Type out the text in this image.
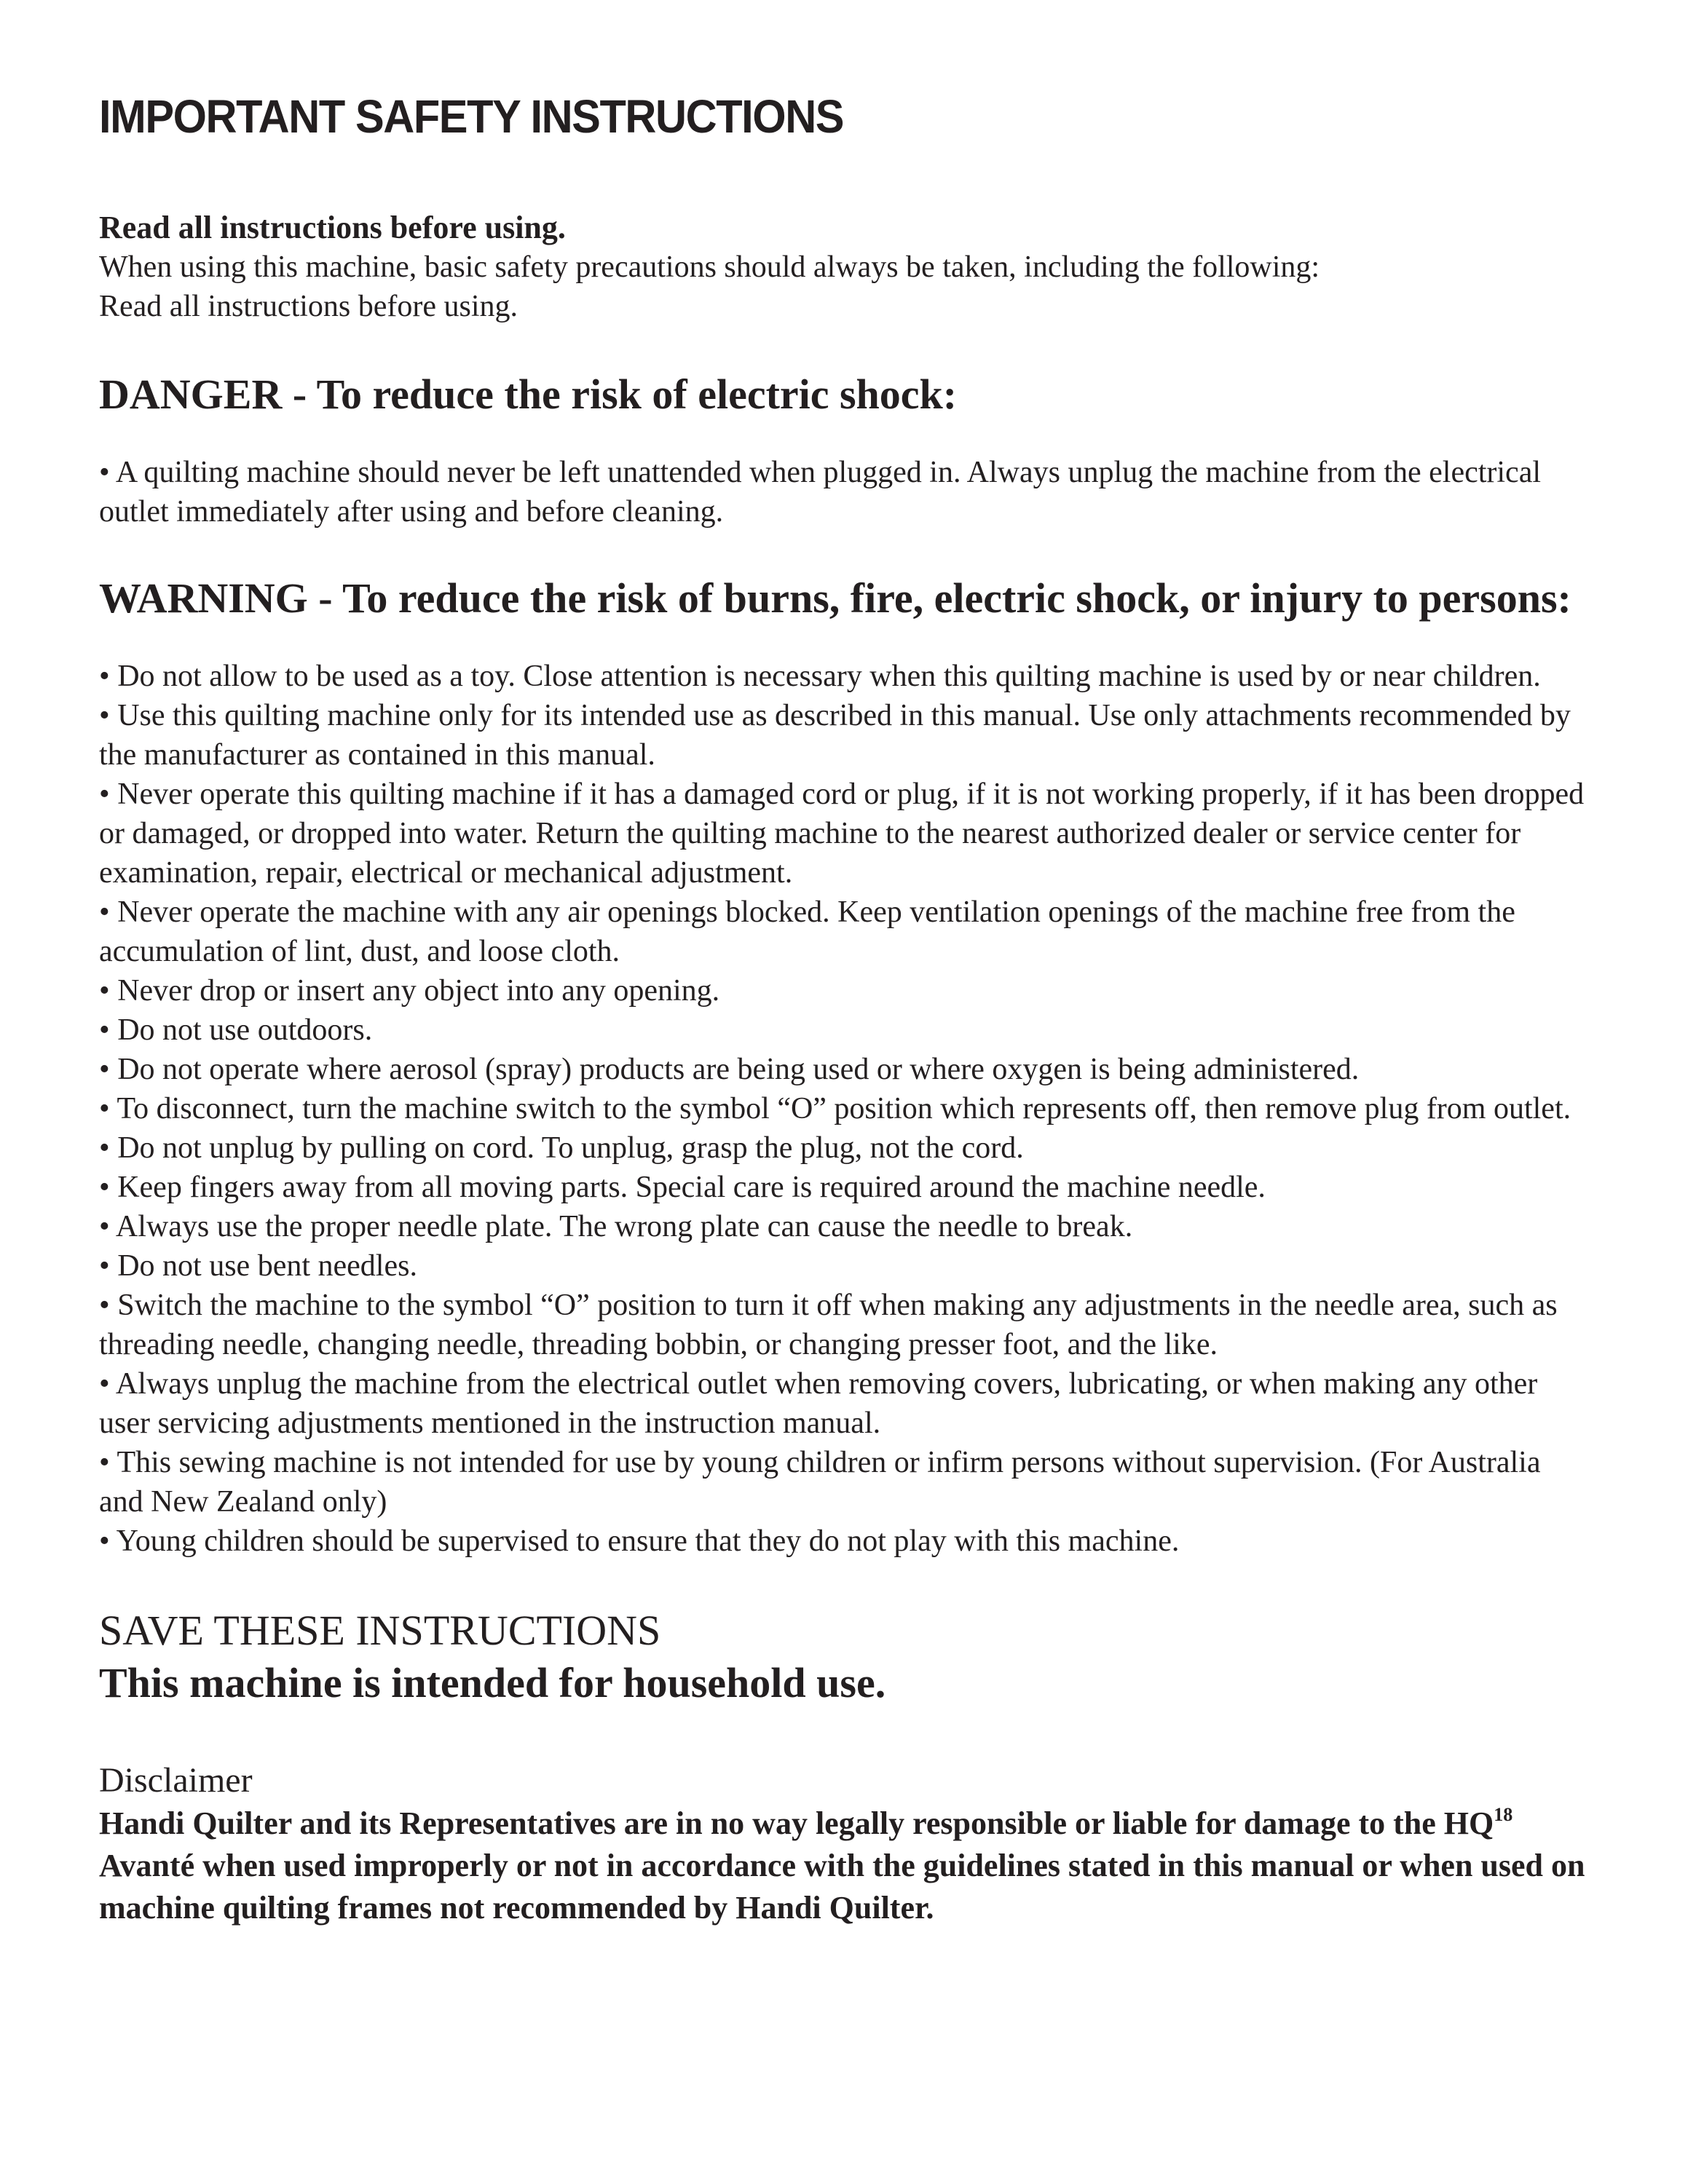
IMPORTANT SAFETY INSTRUCTIONS

Read all instructions before using.

When using this machine, basic safety precautions should always be taken, including the following:

Read all instructions before using.

DANGER - To reduce the risk of electric shock:

• A quilting machine should never be left unattended when plugged in. Always unplug the machine from the electrical outlet immediately after using and before cleaning.

WARNING - To reduce the risk of burns, fire, electric shock, or injury to persons:
• Do not allow to be used as a toy. Close attention is necessary when this quilting machine is used by or near children.
• Use this quilting machine only for its intended use as described in this manual. Use only attachments recommended by the manufacturer as contained in this manual.
• Never operate this quilting machine if it has a damaged cord or plug, if it is not working properly, if it has been dropped or damaged, or dropped into water. Return the quilting machine to the nearest authorized dealer or service center for examination, repair, electrical or mechanical adjustment.
• Never operate the machine with any air openings blocked. Keep ventilation openings of the machine free from the accumulation of lint, dust, and loose cloth.
• Never drop or insert any object into any opening.
• Do not use outdoors.
• Do not operate where aerosol (spray) products are being used or where oxygen is being administered.
• To disconnect, turn the machine switch to the symbol “O” position which represents off, then remove plug from outlet.
• Do not unplug by pulling on cord. To unplug, grasp the plug, not the cord.
• Keep fingers away from all moving parts. Special care is required around the machine needle.
• Always use the proper needle plate. The wrong plate can cause the needle to break.
• Do not use bent needles.
• Switch the machine to the symbol “O” position to turn it off when making any adjustments in the needle area, such as threading needle, changing needle, threading bobbin, or changing presser foot, and the like.
• Always unplug the machine from the electrical outlet when removing covers, lubricating, or when making any other user servicing adjustments mentioned in the instruction manual.
• This sewing machine is not intended for use by young children or infirm persons without supervision. (For Australia and New Zealand only)
• Young children should be supervised to ensure that they do not play with this machine.

SAVE THESE INSTRUCTIONS

This machine is intended for household use.

Disclaimer

Handi Quilter and its Representatives are in no way legally responsible or liable for damage to the HQ$^{18}$ Avanté when used improperly or not in accordance with the guidelines stated in this manual or when used on machine quilting frames not recommended by Handi Quilter.
